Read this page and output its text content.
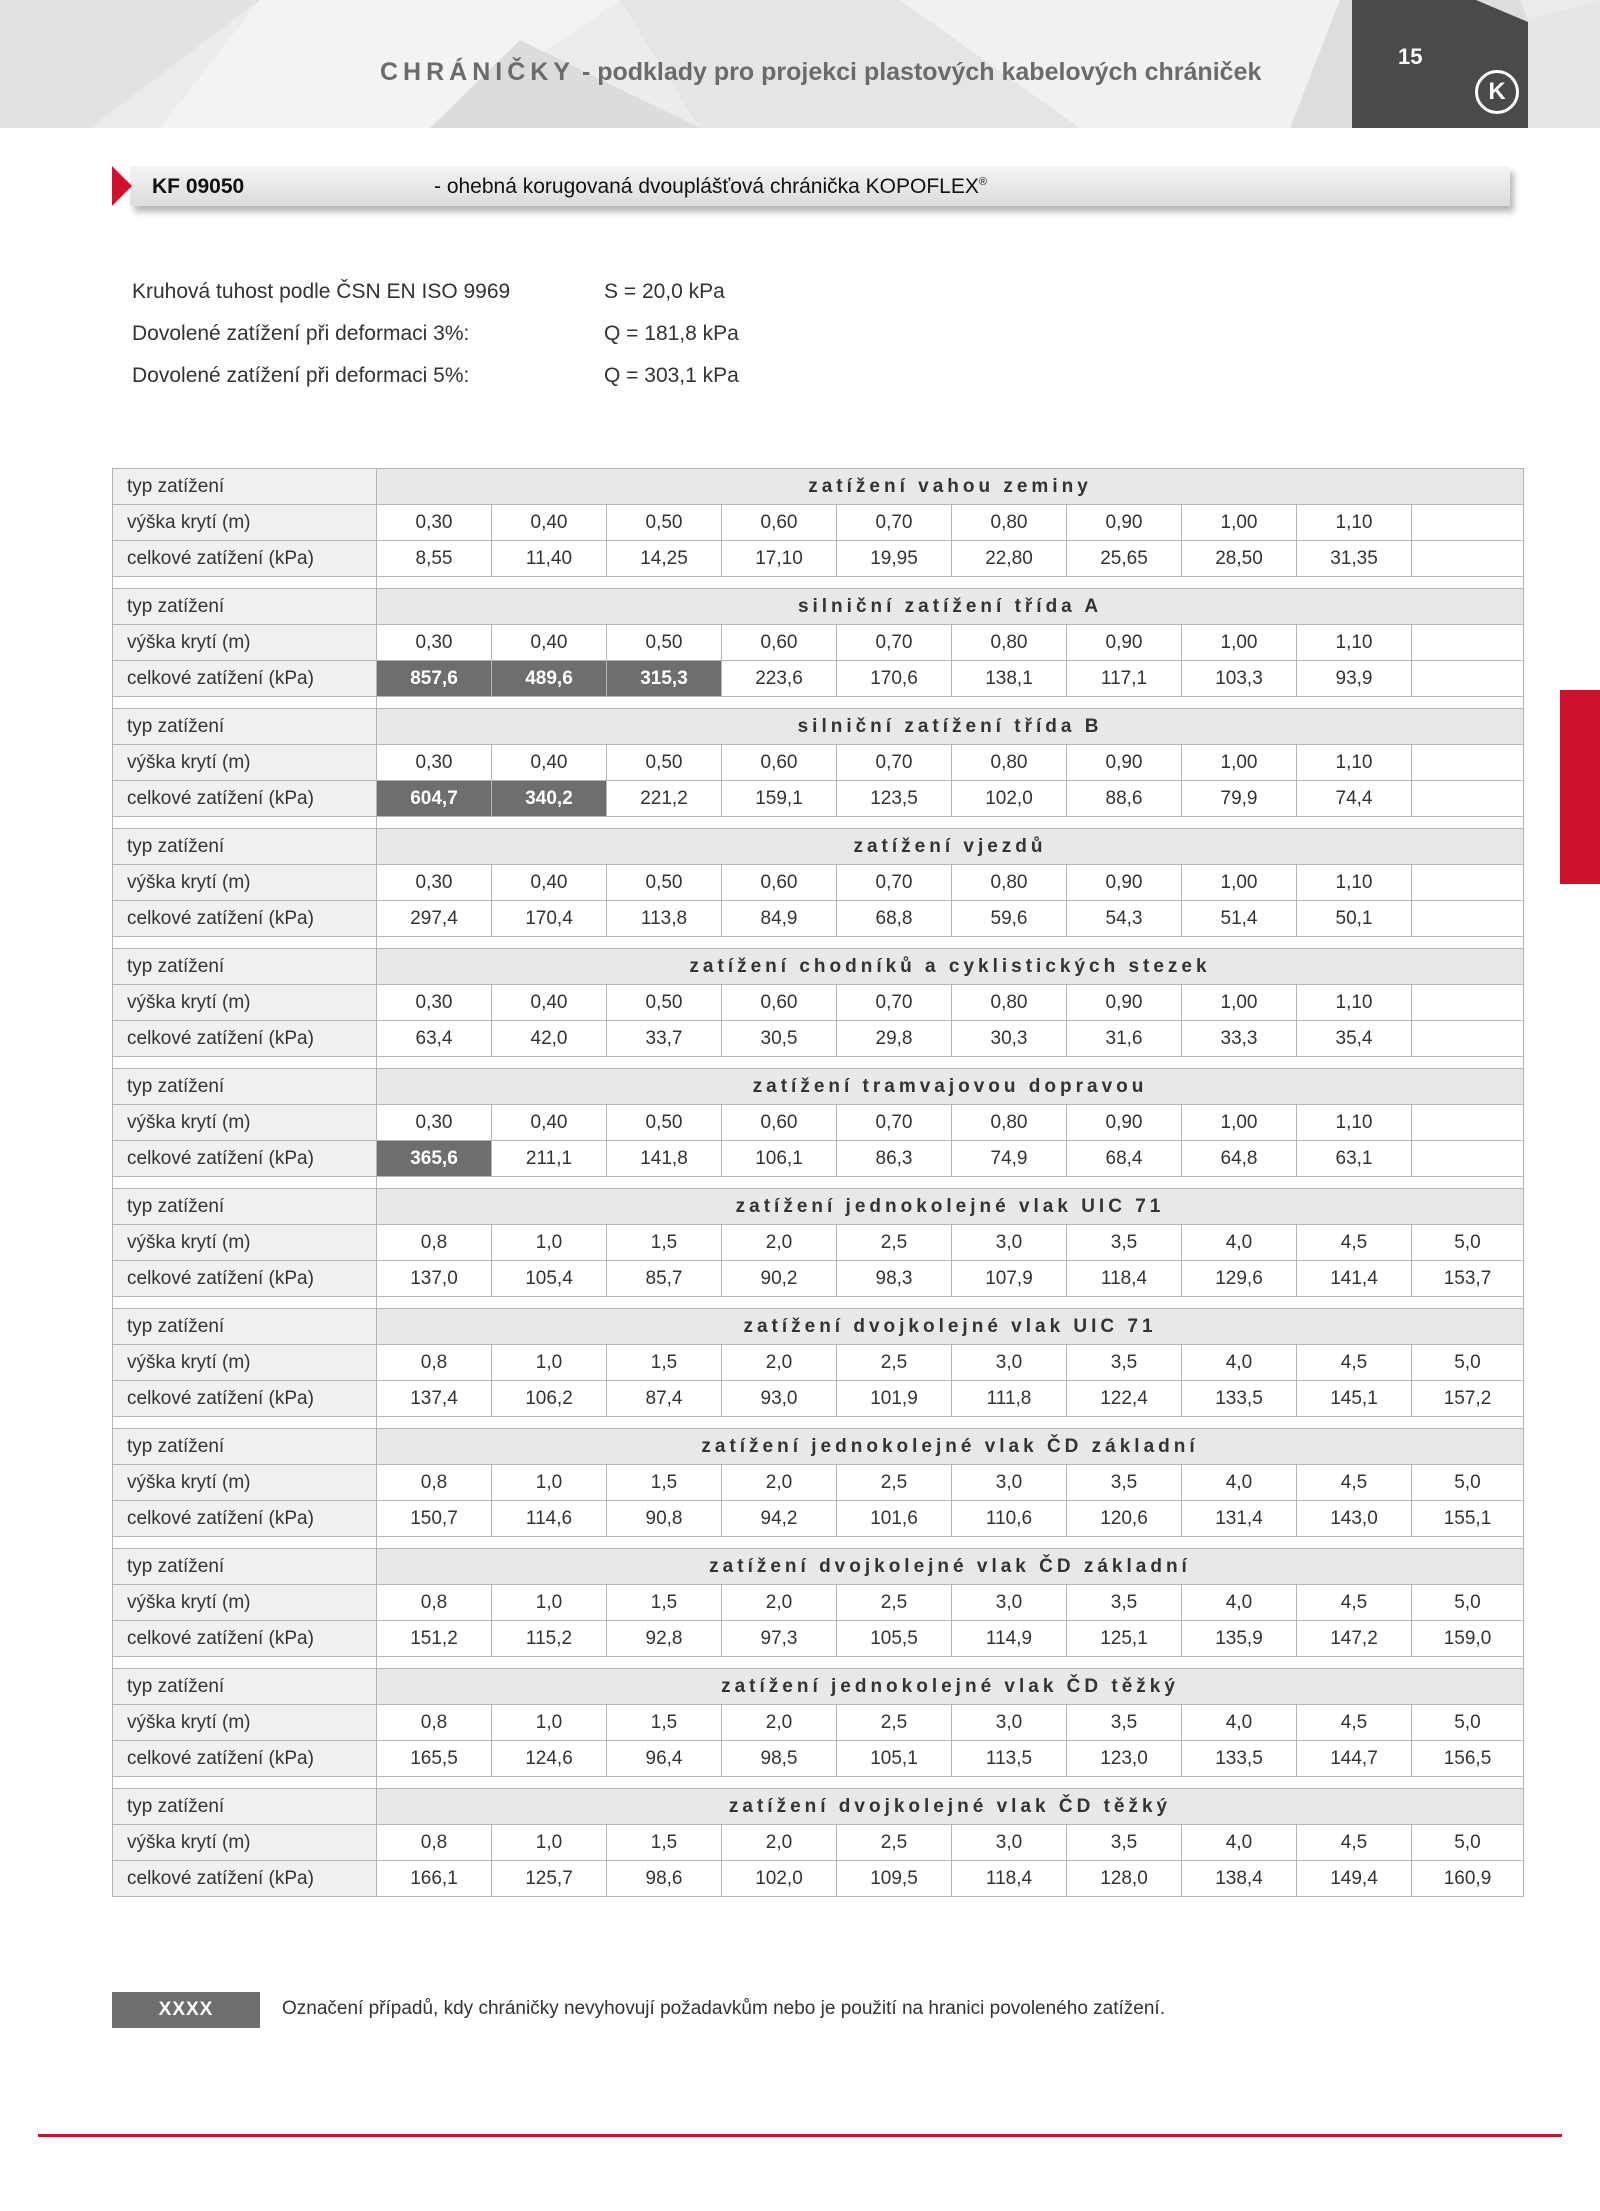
CHRÁNIČKY - podklady pro projekci plastových kabelových chrániček
15
K
KF 09050	- ohebná korugovaná dvouplášťová chránička KOPOFLEX®
Kruhová tuhost podle ČSN EN ISO 9969	S = 20,0 kPa
Dovolené zatížení při deformaci 3%:	Q = 181,8 kPa
Dovolené zatížení při deformaci 5%:	Q = 303,1 kPa
typ zatížení	zatížení vahou zeminy									
výška krytí (m)	0,30	0,40	0,50	0,60	0,70	0,80	0,90	1,00	1,10	
celkové zatížení (kPa)	8,55	11,40	14,25	17,10	19,95	22,80	25,65	28,50	31,35	

typ zatížení	silniční zatížení třída A									
výška krytí (m)	0,30	0,40	0,50	0,60	0,70	0,80	0,90	1,00	1,10	
celkové zatížení (kPa)	857,6	489,6	315,3	223,6	170,6	138,1	117,1	103,3	93,9	

typ zatížení	silniční zatížení třída B									
výška krytí (m)	0,30	0,40	0,50	0,60	0,70	0,80	0,90	1,00	1,10	
celkové zatížení (kPa)	604,7	340,2	221,2	159,1	123,5	102,0	88,6	79,9	74,4	

typ zatížení	zatížení vjezdů									
výška krytí (m)	0,30	0,40	0,50	0,60	0,70	0,80	0,90	1,00	1,10	
celkové zatížení (kPa)	297,4	170,4	113,8	84,9	68,8	59,6	54,3	51,4	50,1	

typ zatížení	zatížení chodníků a cyklistických stezek									
výška krytí (m)	0,30	0,40	0,50	0,60	0,70	0,80	0,90	1,00	1,10	
celkové zatížení (kPa)	63,4	42,0	33,7	30,5	29,8	30,3	31,6	33,3	35,4	

typ zatížení	zatížení tramvajovou dopravou									
výška krytí (m)	0,30	0,40	0,50	0,60	0,70	0,80	0,90	1,00	1,10	
celkové zatížení (kPa)	365,6	211,1	141,8	106,1	86,3	74,9	68,4	64,8	63,1	

typ zatížení	zatížení jednokolejné vlak UIC 71									
výška krytí (m)	0,8	1,0	1,5	2,0	2,5	3,0	3,5	4,0	4,5	5,0
celkové zatížení (kPa)	137,0	105,4	85,7	90,2	98,3	107,9	118,4	129,6	141,4	153,7

typ zatížení	zatížení dvojkolejné vlak UIC 71									
výška krytí (m)	0,8	1,0	1,5	2,0	2,5	3,0	3,5	4,0	4,5	5,0
celkové zatížení (kPa)	137,4	106,2	87,4	93,0	101,9	111,8	122,4	133,5	145,1	157,2

typ zatížení	zatížení jednokolejné vlak ČD základní									
výška krytí (m)	0,8	1,0	1,5	2,0	2,5	3,0	3,5	4,0	4,5	5,0
celkové zatížení (kPa)	150,7	114,6	90,8	94,2	101,6	110,6	120,6	131,4	143,0	155,1

typ zatížení	zatížení dvojkolejné vlak ČD základní									
výška krytí (m)	0,8	1,0	1,5	2,0	2,5	3,0	3,5	4,0	4,5	5,0
celkové zatížení (kPa)	151,2	115,2	92,8	97,3	105,5	114,9	125,1	135,9	147,2	159,0

typ zatížení	zatížení jednokolejné vlak ČD těžký									
výška krytí (m)	0,8	1,0	1,5	2,0	2,5	3,0	3,5	4,0	4,5	5,0
celkové zatížení (kPa)	165,5	124,6	96,4	98,5	105,1	113,5	123,0	133,5	144,7	156,5

typ zatížení	zatížení dvojkolejné vlak ČD těžký									
výška krytí (m)	0,8	1,0	1,5	2,0	2,5	3,0	3,5	4,0	4,5	5,0
celkové zatížení (kPa)	166,1	125,7	98,6	102,0	109,5	118,4	128,0	138,4	149,4	160,9
XXXX	Označení případů, kdy chráničky nevyhovují požadavkům nebo je použití na hranici povoleného zatížení.
